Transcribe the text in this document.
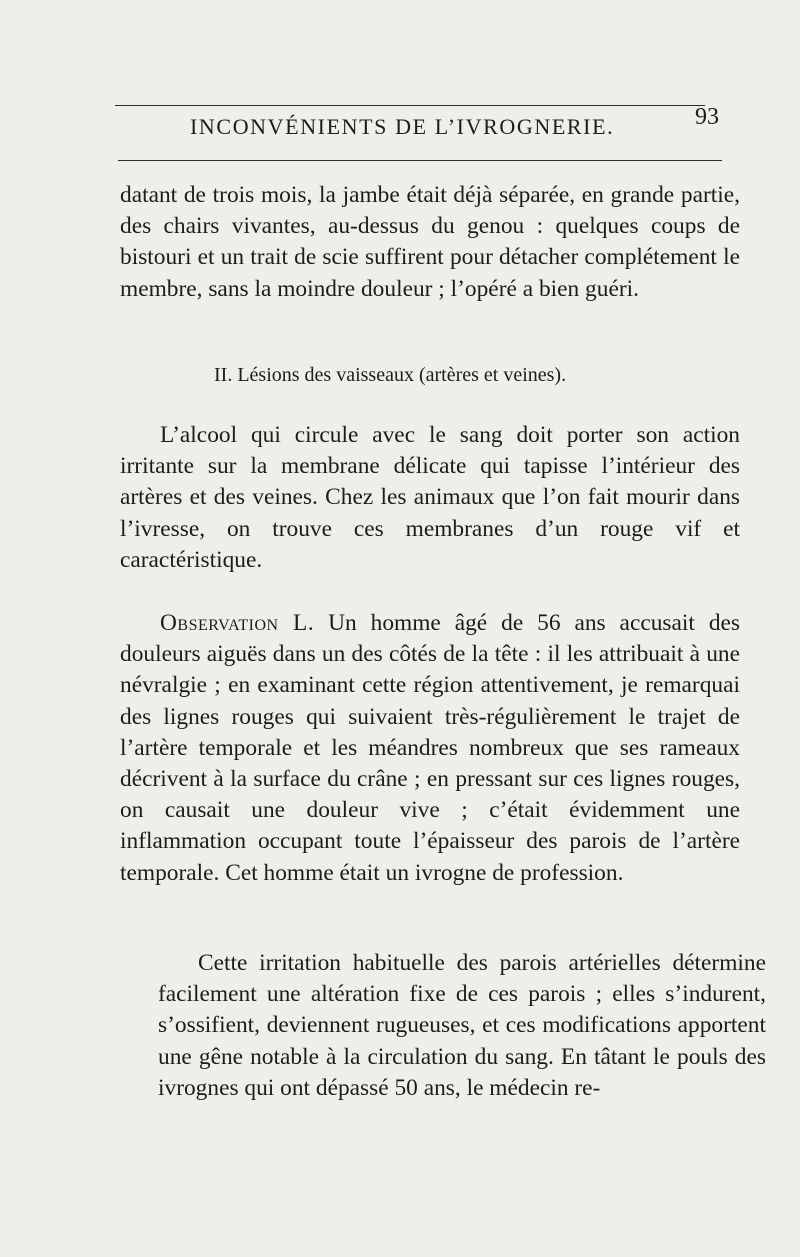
INCONVÉNIENTS DE L’IVROGNERIE.	93

datant de trois mois, la jambe était déjà séparée, en grande partie, des chairs vivantes, au-dessus du genou : quelques coups de bistouri et un trait de scie suffirent pour détacher complétement le membre, sans la moindre douleur ; l’opéré a bien guéri.

II. Lésions des vaisseaux (artères et veines).

L’alcool qui circule avec le sang doit porter son action irritante sur la membrane délicate qui tapisse l’intérieur des artères et des veines. Chez les animaux que l’on fait mourir dans l’ivresse, on trouve ces membranes d’un rouge vif et caractéristique.

Observation L. Un homme âgé de 56 ans accusait des douleurs aiguës dans un des côtés de la tête : il les attribuait à une névralgie ; en examinant cette région attentivement, je remarquai des lignes rouges qui suivaient très-régulièrement le trajet de l’artère temporale et les méandres nombreux que ses rameaux décrivent à la surface du crâne ; en pressant sur ces lignes rouges, on causait une douleur vive ; c’était évidemment une inflammation occupant toute l’épaisseur des parois de l’artère temporale. Cet homme était un ivrogne de profession.

Cette irritation habituelle des parois artérielles détermine facilement une altération fixe de ces parois ; elles s’indurent, s’ossifient, deviennent rugueuses, et ces modifications apportent une gêne notable à la circulation du sang. En tâtant le pouls des ivrognes qui ont dépassé 50 ans, le médecin re-
